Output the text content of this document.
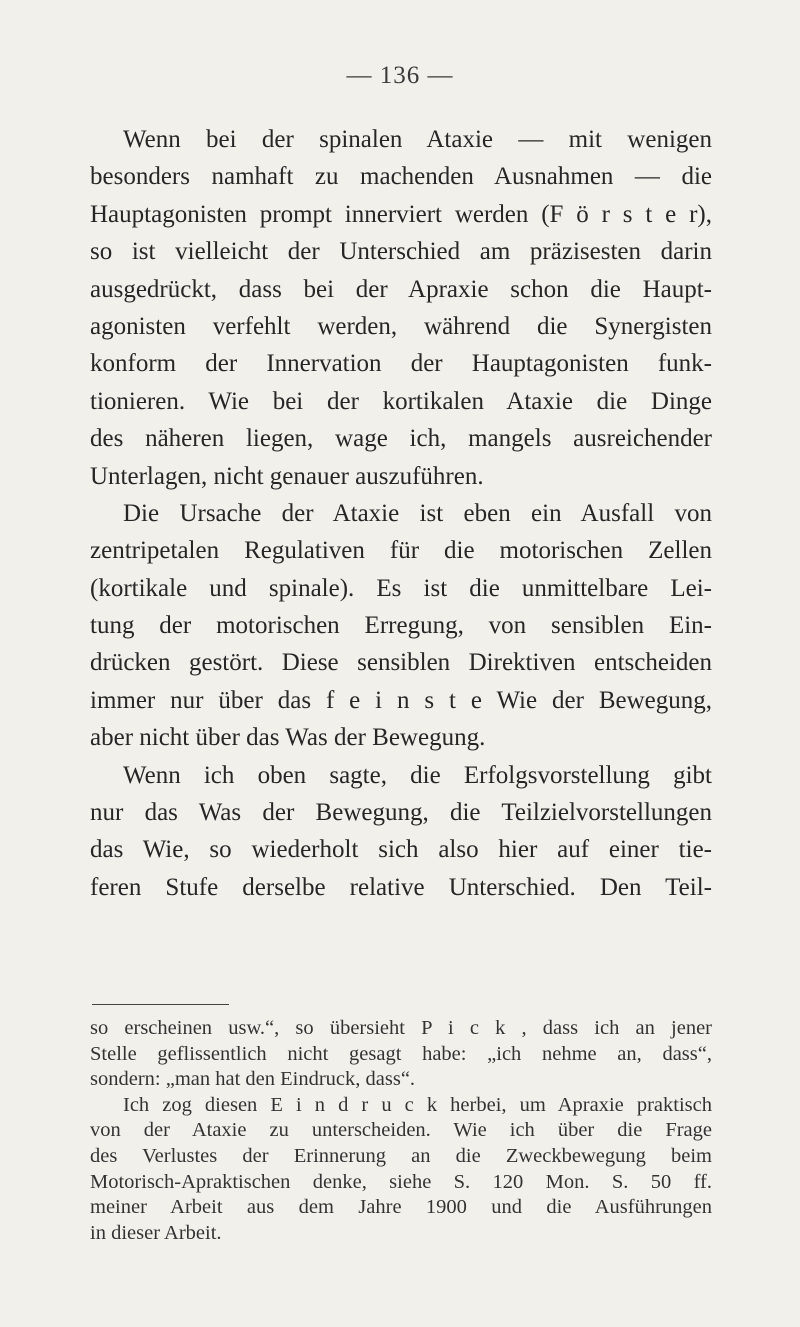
— 136 —
Wenn bei der spinalen Ataxie — mit wenigen
besonders namhaft zu machenden Ausnahmen — die
Hauptagonisten prompt innerviert werden (F ö r s t e r),
so ist vielleicht der Unterschied am präzisesten darin
ausgedrückt, dass bei der Apraxie schon die Haupt-
agonisten verfehlt werden, während die Synergisten
konform der Innervation der Hauptagonisten funk-
tionieren. Wie bei der kortikalen Ataxie die Dinge
des näheren liegen, wage ich, mangels ausreichender
Unterlagen, nicht genauer auszuführen.
Die Ursache der Ataxie ist eben ein Ausfall von
zentripetalen Regulativen für die motorischen Zellen
(kortikale und spinale). Es ist die unmittelbare Lei-
tung der motorischen Erregung, von sensiblen Ein-
drücken gestört. Diese sensiblen Direktiven entscheiden
immer nur über das f e i n s t e Wie der Bewegung,
aber nicht über das Was der Bewegung.
Wenn ich oben sagte, die Erfolgsvorstellung gibt
nur das Was der Bewegung, die Teilzielvorstellungen
das Wie, so wiederholt sich also hier auf einer tie-
feren Stufe derselbe relative Unterschied. Den Teil-
so erscheinen usw.“, so übersieht P i c k , dass ich an jener
Stelle geflissentlich nicht gesagt habe: „ich nehme an, dass“,
sondern: „man hat den Eindruck, dass“.
Ich zog diesen E i n d r u c k herbei, um Apraxie praktisch
von der Ataxie zu unterscheiden. Wie ich über die Frage
des Verlustes der Erinnerung an die Zweckbewegung beim
Motorisch-Apraktischen denke, siehe S. 120 Mon. S. 50 ff.
meiner Arbeit aus dem Jahre 1900 und die Ausführungen
in dieser Arbeit.
